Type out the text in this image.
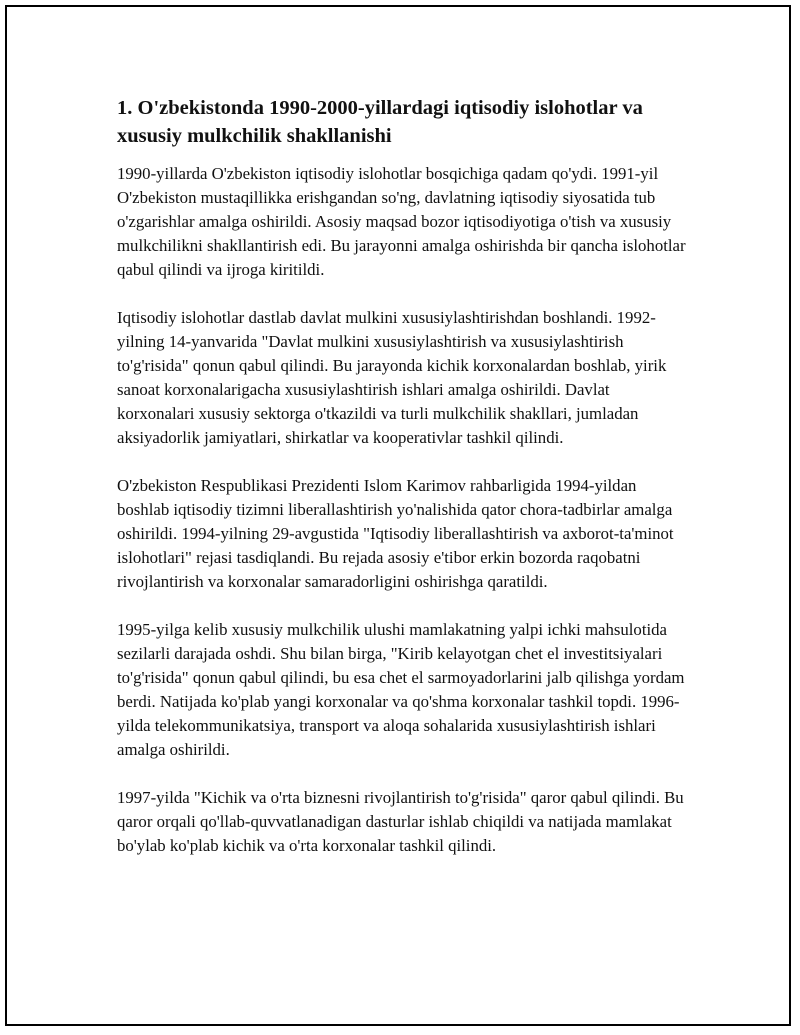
1. O'zbekistonda 1990-2000-yillardagi iqtisodiy islohotlar va xususiy mulkchilik shakllanishi

1990-yillarda O'zbekiston iqtisodiy islohotlar bosqichiga qadam qo'ydi. 1991-yil O'zbekiston mustaqillikka erishgandan so'ng, davlatning iqtisodiy siyosatida tub o'zgarishlar amalga oshirildi. Asosiy maqsad bozor iqtisodiyotiga o'tish va xususiy mulkchilikni shakllantirish edi. Bu jarayonni amalga oshirishda bir qancha islohotlar qabul qilindi va ijroga kiritildi.

Iqtisodiy islohotlar dastlab davlat mulkini xususiylashtirishdan boshlandi. 1992-yilning 14-yanvarida "Davlat mulkini xususiylashtirish va xususiylashtirish to'g'risida" qonun qabul qilindi. Bu jarayonda kichik korxonalardan boshlab, yirik sanoat korxonalarigacha xususiylashtirish ishlari amalga oshirildi. Davlat korxonalari xususiy sektorga o'tkazildi va turli mulkchilik shakllari, jumladan aksiyadorlik jamiyatlari, shirkatlar va kooperativlar tashkil qilindi.

O'zbekiston Respublikasi Prezidenti Islom Karimov rahbarligida 1994-yildan boshlab iqtisodiy tizimni liberallashtirish yo'nalishida qator chora-tadbirlar amalga oshirildi. 1994-yilning 29-avgustida "Iqtisodiy liberallashtirish va axborot-ta'minot islohotlari" rejasi tasdiqlandi. Bu rejada asosiy e'tibor erkin bozorda raqobatni rivojlantirish va korxonalar samaradorligini oshirishga qaratildi.

1995-yilga kelib xususiy mulkchilik ulushi mamlakatning yalpi ichki mahsulotida sezilarli darajada oshdi. Shu bilan birga, "Kirib kelayotgan chet el investitsiyalari to'g'risida" qonun qabul qilindi, bu esa chet el sarmoyadorlarini jalb qilishga yordam berdi. Natijada ko'plab yangi korxonalar va qo'shma korxonalar tashkil topdi. 1996-yilda telekommunikatsiya, transport va aloqa sohalarida xususiylashtirish ishlari amalga oshirildi.

1997-yilda "Kichik va o'rta biznesni rivojlantirish to'g'risida" qaror qabul qilindi. Bu qaror orqali qo'llab-quvvatlanadigan dasturlar ishlab chiqildi va natijada mamlakat bo'ylab ko'plab kichik va o'rta korxonalar tashkil qilindi.
